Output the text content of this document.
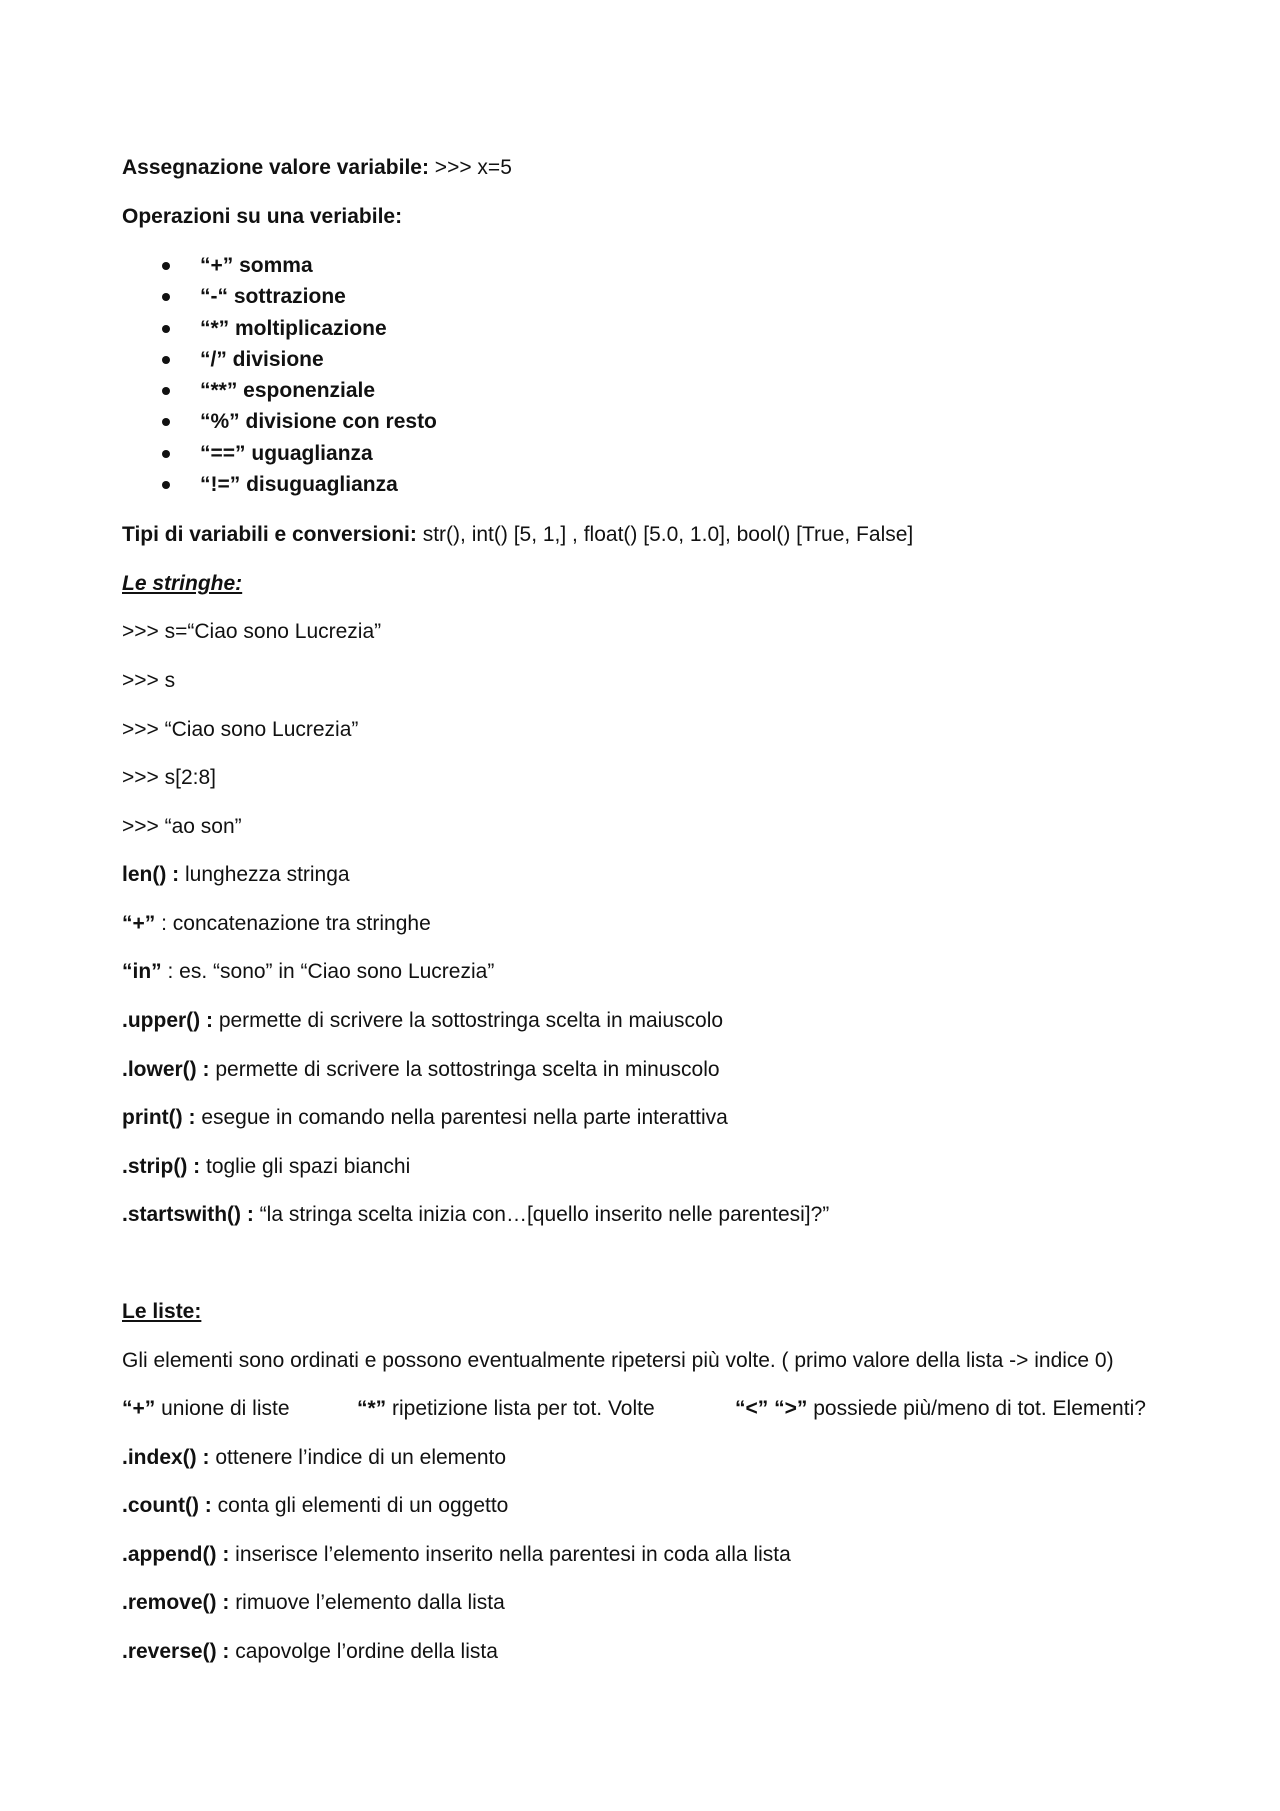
Assegnazione valore variabile: >>> x=5
Operazioni su una veriabile:
“+” somma
“-“ sottrazione
“*” moltiplicazione
“/” divisione
“**” esponenziale
“%” divisione con resto
“==” uguaglianza
“!=” disuguaglianza
Tipi di variabili e conversioni: str(), int() [5, 1,] , float() [5.0, 1.0], bool() [True, False]
Le stringhe:
>>> s=“Ciao sono Lucrezia”
>>> s
>>> “Ciao sono Lucrezia”
>>> s[2:8]
>>> “ao son”
len() : lunghezza stringa
“+” : concatenazione tra stringhe
“in” : es. “sono” in “Ciao sono Lucrezia”
.upper() : permette di scrivere la sottostringa scelta in maiuscolo
.lower() : permette di scrivere la sottostringa scelta in minuscolo
print() : esegue in comando nella parentesi nella parte interattiva
.strip() : toglie gli spazi bianchi
.startswith() : “la stringa scelta inizia con…[quello inserito nelle parentesi]?”
Le liste:
Gli elementi sono ordinati e possono eventualmente ripetersi più volte. ( primo valore della lista -> indice 0)
“+” unione di liste	“*” ripetizione lista per tot. Volte	“<” “>” possiede più/meno di tot. Elementi?
.index() : ottenere l’indice di un elemento
.count() : conta gli elementi di un oggetto
.append() : inserisce l’elemento inserito nella parentesi in coda alla lista
.remove() : rimuove l’elemento dalla lista
.reverse() : capovolge l’ordine della lista
